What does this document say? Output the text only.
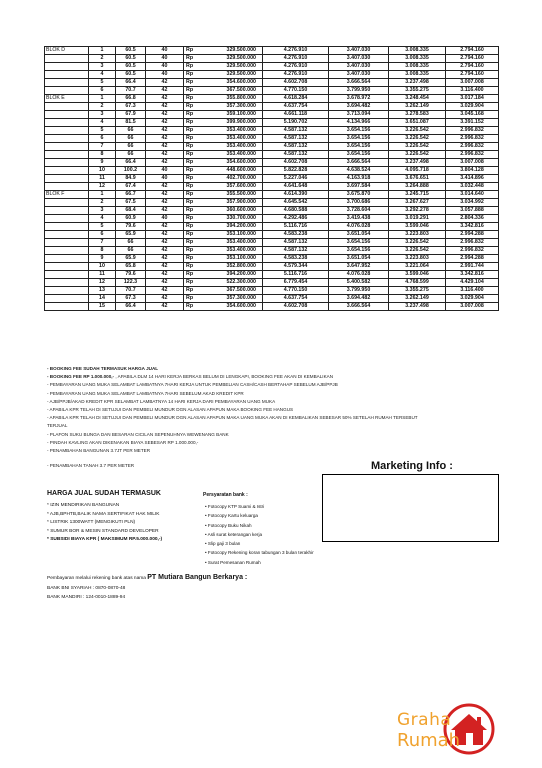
BLOK D	1	60.5	40	Rp	329.500.000	4.276.910	3.407.030	3.008.335	2.794.160
	2	60.5	40	Rp	329.500.000	4.276.910	3.407.030	3.008.335	2.794.160
	3	60.5	40	Rp	329.500.000	4.276.910	3.407.030	3.008.335	2.794.160
	4	60.5	40	Rp	329.500.000	4.276.910	3.407.030	3.008.335	2.794.160
	5	66.4	42	Rp	354.600.000	4.602.708	3.666.564	3.237.498	3.007.008
	6	70.7	42	Rp	367.500.000	4.770.150	3.799.950	3.355.275	3.116.400
BLOK E	1	66.8	42	Rp	355.800.000	4.618.284	3.678.972	3.248.454	3.017.184
	2	67.3	42	Rp	357.300.000	4.637.754	3.694.482	3.262.149	3.029.904
	3	67.9	42	Rp	359.100.000	4.661.118	3.713.094	3.278.583	3.045.168
	4	81.5	42	Rp	399.900.000	5.190.702	4.134.966	3.651.087	3.391.152
	5	66	42	Rp	353.400.000	4.587.132	3.654.156	3.226.542	2.996.832
	6	66	42	Rp	353.400.000	4.587.132	3.654.156	3.226.542	2.996.832
	7	66	42	Rp	353.400.000	4.587.132	3.654.156	3.226.542	2.996.832
	8	66	42	Rp	353.400.000	4.587.132	3.654.156	3.226.542	2.996.832
	9	66.4	42	Rp	354.600.000	4.602.708	3.666.564	3.237.498	3.007.008
	10	100.2	40	Rp	448.600.000	5.822.828	4.638.524	4.095.718	3.804.128
	11	84.9	40	Rp	402.700.000	5.227.046	4.163.918	3.676.651	3.414.896
	12	67.4	42	Rp	357.600.000	4.641.648	3.697.584	3.264.888	3.032.448
BLOK F	1	66.7	42	Rp	355.500.000	4.614.390	3.675.870	3.245.715	3.014.640
	2	67.5	42	Rp	357.900.000	4.645.542	3.700.686	3.267.627	3.034.992
	3	68.4	42	Rp	360.600.000	4.680.588	3.728.604	3.292.278	3.057.888
	4	60.9	40	Rp	330.700.000	4.292.486	3.419.438	3.019.291	2.804.336
	5	79.6	42	Rp	394.200.000	5.116.716	4.076.028	3.599.046	3.342.816
	6	65.9	42	Rp	353.100.000	4.583.238	3.651.054	3.223.803	2.994.288
	7	66	42	Rp	353.400.000	4.587.132	3.654.156	3.226.542	2.996.832
	8	66	42	Rp	353.400.000	4.587.132	3.654.156	3.226.542	2.996.832
	9	65.9	42	Rp	353.100.000	4.583.238	3.651.054	3.223.803	2.994.288
	10	65.8	42	Rp	352.800.000	4.579.344	3.647.952	3.221.064	2.991.744
	11	79.6	42	Rp	394.200.000	5.116.716	4.076.028	3.599.046	3.342.816
	12	122.3	42	Rp	522.300.000	6.779.454	5.400.582	4.768.599	4.429.104
	13	70.7	42	Rp	367.500.000	4.770.150	3.799.950	3.355.275	3.116.400
	14	67.3	42	Rp	357.300.000	4.637.754	3.694.482	3.262.149	3.029.904
	15	66.4	42	Rp	354.600.000	4.602.708	3.666.564	3.237.498	3.007.008
- BOOKING FEE SUDAH TERMASUK HARGA JUAL
- BOOKING FEE RP 1.000.000,- , APABILA DLM 14 HARI KERJA BERKAS BELUM DI LENGKAPI, BOOKING FEE AKAN DI KEMBALIKAN
- PEMBAYARAN UANG MUKA SELAMBAT LAMBATNYA 7HARI KERJA UNTUK PEMBELIAN CASH/CASH BERTAHAP SEBELUM AJB/PPJB
- PEMBAYARAN UANG MUKA SELAMBAT LAMBATNYA 7HARI SEBELUM AKAD KREDIT KPR
- AJB/PPJB/AKAD KREDIT KPR SELAMBAT LAMBATNYA 14 HARI KERJA DARI PEMBAYARAN UANG MUKA
- APABILA KPR TELAH DI SETUJUI DAN PEMBELI MUNDUR DGN ALASAN APAPUN MAKA BOOKING FEE HANGUS
- APABILA KPR TELAH DI SETUJUI DAN PEMBELI MUNDUR DGN ALASAN APAPUN MAKA UANG MUKA AKAN DI KEMBALIKAN SEBESAR 50% SETELAH RUMAH TERSEBUT
TERJUAL
- PLAFON SUKU BUNGA DAN BESARAN CICILAN SEPENUHNYA WEWENANG BANK
- PINDAH KAVLING AKAN DIKENAKAN BIAYA SEBESAR RP 1.000.000,-
- PENAMBAHAN BANGUNAN 3.7JT PER METER
- PENAMBAHAN TANAH 3.7 PER METER	Marketing Info :
HARGA JUAL SUDAH TERMASUK
* IZIN MENDIRIKAN BANGUNAN
* AJB,BPHTB,BALIK NAMA SERTIFIKAT HAK MILIK
* LISTRIK 1300WATT (MENGIKUTI PLN)
* SUMUR BOR & MESIN STANDARD DEVELOPER
* SUBSIDI BIAYA KPR ( MAKSIMUM RP.5.000.000,-)
Persyaratan bank :
• Fotocopy KTP Suami & Istri
• Fotocopy Kartu keluarga
• Fotocopy Buku Nikah
• Asli surat keterangan kerja
• Slip gaji 3 bulan
• Fotocopy Rekening koran tabungan 3 bulan terakhir
• Surat Pemesanan Rumah
Pembayaran melalui rekening bank atas nama PT Mutiara Bangun Berkarya :
BANK BNI SYARIAH : 0870-0870-48
BANK MANDIRI : 124-0010-1889-94
Graha
Rumah
